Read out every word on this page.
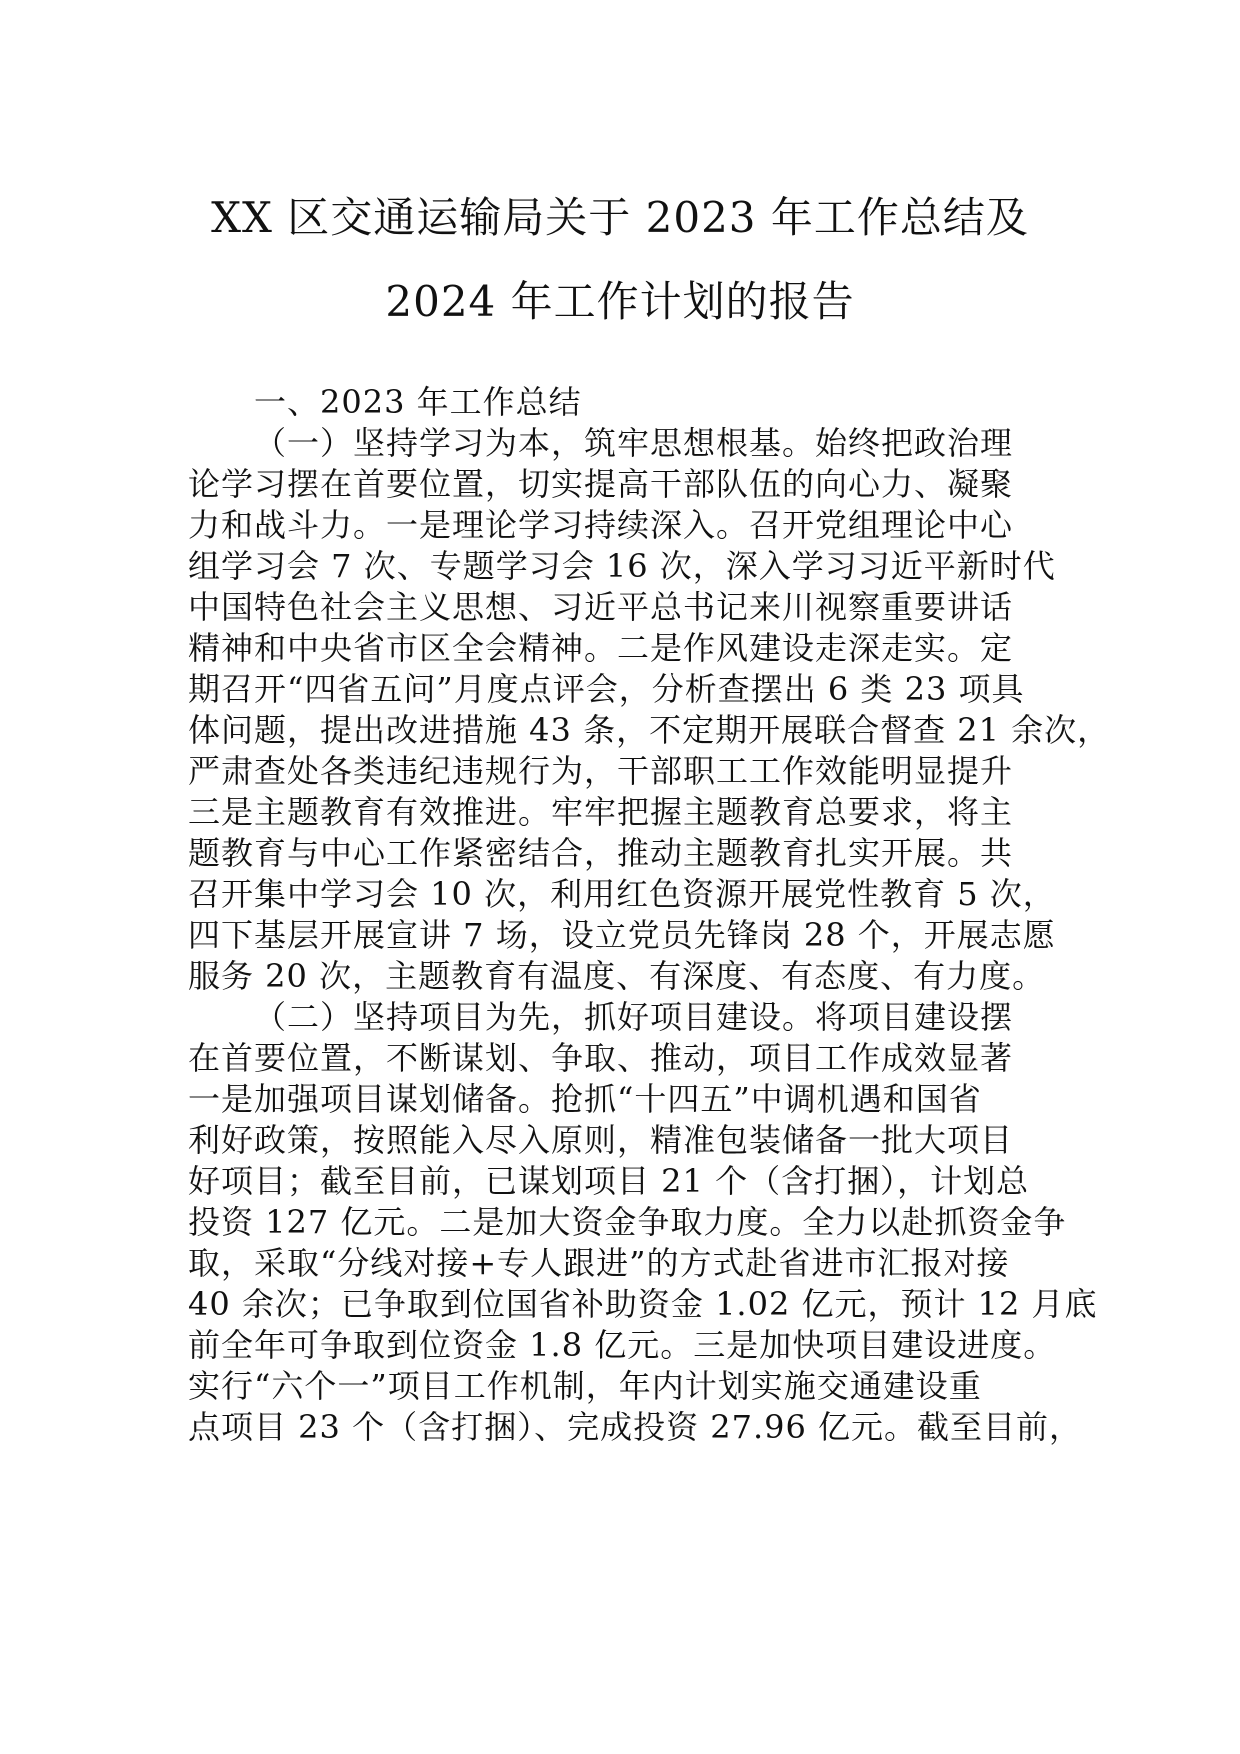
XX 区交通运输局关于 2023 年工作总结及
2024 年工作计划的报告
一、2023 年工作总结
（一）坚持学习为本，筑牢思想根基。始终把政治理
论学习摆在首要位置，切实提高干部队伍的向心力、凝聚
力和战斗力。一是理论学习持续深入。召开党组理论中心
组学习会 7 次、专题学习会 16 次，深入学习习近平新时代
中国特色社会主义思想、习近平总书记来川视察重要讲话
精神和中央省市区全会精神。二是作风建设走深走实。定
期召开“四省五问”月度点评会，分析查摆出 6 类 23 项具
体问题，提出改进措施 43 条，不定期开展联合督查 21 余次，
严肃查处各类违纪违规行为，干部职工工作效能明显提升
三是主题教育有效推进。牢牢把握主题教育总要求，将主
题教育与中心工作紧密结合，推动主题教育扎实开展。共
召开集中学习会 10 次，利用红色资源开展党性教育 5 次，
四下基层开展宣讲 7 场，设立党员先锋岗 28 个，开展志愿
服务 20 次，主题教育有温度、有深度、有态度、有力度。
（二）坚持项目为先，抓好项目建设。将项目建设摆
在首要位置，不断谋划、争取、推动，项目工作成效显著
一是加强项目谋划储备。抢抓“十四五”中调机遇和国省
利好政策，按照能入尽入原则，精准包装储备一批大项目
好项目；截至目前，已谋划项目 21 个（含打捆），计划总
投资 127 亿元。二是加大资金争取力度。全力以赴抓资金争
取，采取“分线对接+专人跟进”的方式赴省进市汇报对接
40 余次；已争取到位国省补助资金 1.02 亿元，预计 12 月底
前全年可争取到位资金 1.8 亿元。三是加快项目建设进度。
实行“六个一”项目工作机制，年内计划实施交通建设重
点项目 23 个（含打捆）、完成投资 27.96 亿元。截至目前，
